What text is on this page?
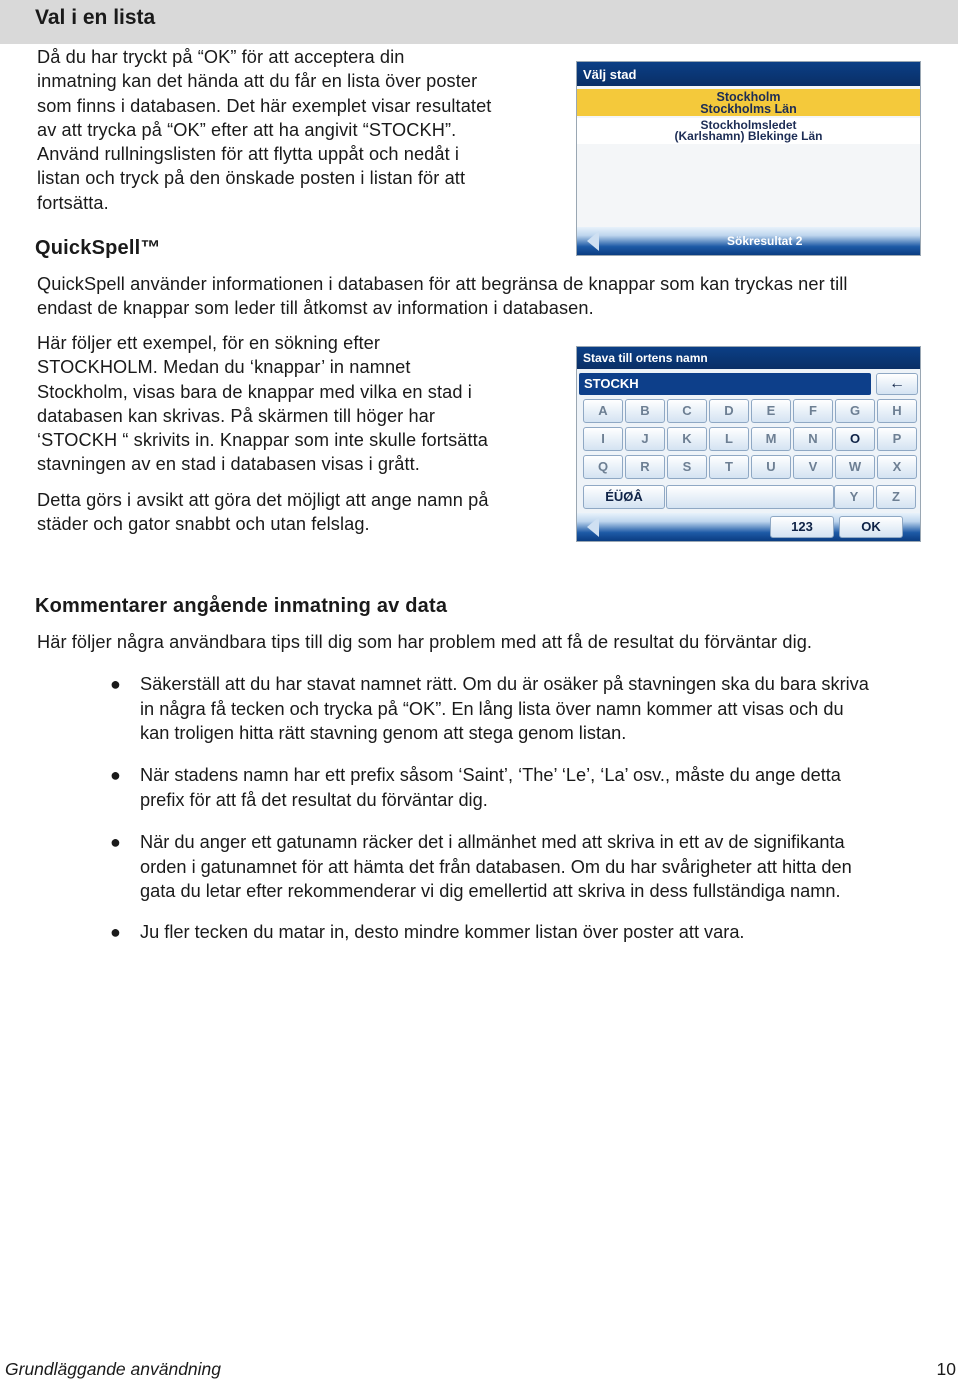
Val i en lista

Då du har tryckt på “OK” för att acceptera din

inmatning kan det hända att du får en lista över poster

som finns i databasen. Det här exemplet visar resultatet

av att trycka på “OK” efter att ha angivit “STOCKH”.

Använd rullningslisten för att flytta uppåt och nedåt i

listan och tryck på den önskade posten i listan för att

fortsätta.

Välj stad
Stockholm
Stockholms Län
Stockholmsledet
(Karlshamn) Blekinge Län
Sökresultat 2
QuickSpell™

QuickSpell använder informationen i databasen för att begränsa de knappar som kan tryckas ner till

endast de knappar som leder till åtkomst av information i databasen.

Här följer ett exempel, för en sökning efter

STOCKHOLM. Medan du ‘knappar’ in namnet

Stockholm, visas bara de knappar med vilka en stad i

databasen kan skrivas. På skärmen till höger har

‘STOCKH “ skrivits in. Knappar som inte skulle fortsätta

stavningen av en stad i databasen visas i grått.

Detta görs i avsikt att göra det möjligt att ange namn på

städer och gator snabbt och utan felslag.

Stava till ortens namn
STOCKH	←
A	B	C	D	E	F	G	H
I	J	K	L	M	N	O	P
Q	R	S	T	U	V	W	X
ÉÜØÂ	Y	Z
123	OK
Kommentarer angående inmatning av data

Här följer några användbara tips till dig som har problem med att få de resultat du förväntar dig.

● Säkerställ att du har stavat namnet rätt. Om du är osäker på stavningen ska du bara skriva
in några få tecken och trycka på “OK”. En lång lista över namn kommer att visas och du
kan troligen hitta rätt stavning genom att stega genom listan.
● När stadens namn har ett prefix såsom ‘Saint’, ‘The’ ‘Le’, ‘La’ osv., måste du ange detta
prefix för att få det resultat du förväntar dig.
● När du anger ett gatunamn räcker det i allmänhet med att skriva in ett av de signifikanta
orden i gatunamnet för att hämta det från databasen. Om du har svårigheter att hitta den
gata du letar efter rekommenderar vi dig emellertid att skriva in dess fullständiga namn.
● Ju fler tecken du matar in, desto mindre kommer listan över poster att vara.
Grundläggande användning	10
